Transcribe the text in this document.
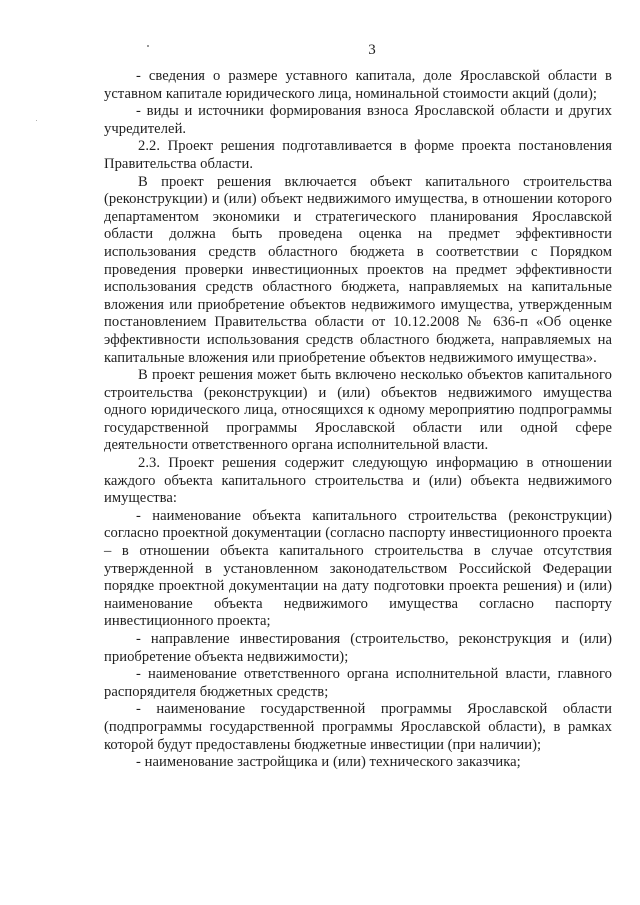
3

- сведения о размере уставного капитала, доле Ярославской области в уставном капитале юридического лица, номинальной стоимости акций (доли);

- виды и источники формирования взноса Ярославской области и других учредителей.

2.2. Проект решения подготавливается в форме проекта постановления Правительства области.

В проект решения включается объект капитального строительства (реконструкции) и (или) объект недвижимого имущества, в отношении которого департаментом экономики и стратегического планирования Ярославской области должна быть проведена оценка на предмет эффективности использования средств областного бюджета в соответствии с Порядком проведения проверки инвестиционных проектов на предмет эффективности использования средств областного бюджета, направляемых на капитальные вложения или приобретение объектов недвижимого имущества, утвержденным постановлением Правительства области от 10.12.2008 № 636-п «Об оценке эффективности использования средств областного бюджета, направляемых на капитальные вложения или приобретение объектов недвижимого имущества».

В проект решения может быть включено несколько объектов капитального строительства (реконструкции) и (или) объектов недвижимого имущества одного юридического лица, относящихся к одному мероприятию подпрограммы государственной программы Ярославской области или одной сфере деятельности ответственного органа исполнительной власти.

2.3. Проект решения содержит следующую информацию в отношении каждого объекта капитального строительства и (или) объекта недвижимого имущества:

- наименование объекта капитального строительства (реконструкции) согласно проектной документации (согласно паспорту инвестиционного проекта – в отношении объекта капитального строительства в случае отсутствия утвержденной в установленном законодательством Российской Федерации порядке проектной документации на дату подготовки проекта решения) и (или) наименование объекта недвижимого имущества согласно паспорту инвестиционного проекта;

- направление инвестирования (строительство, реконструкция и (или) приобретение объекта недвижимости);

- наименование ответственного органа исполнительной власти, главного распорядителя бюджетных средств;

- наименование государственной программы Ярославской области (подпрограммы государственной программы Ярославской области), в рамках которой будут предоставлены бюджетные инвестиции (при наличии);

- наименование застройщика и (или) технического заказчика;
